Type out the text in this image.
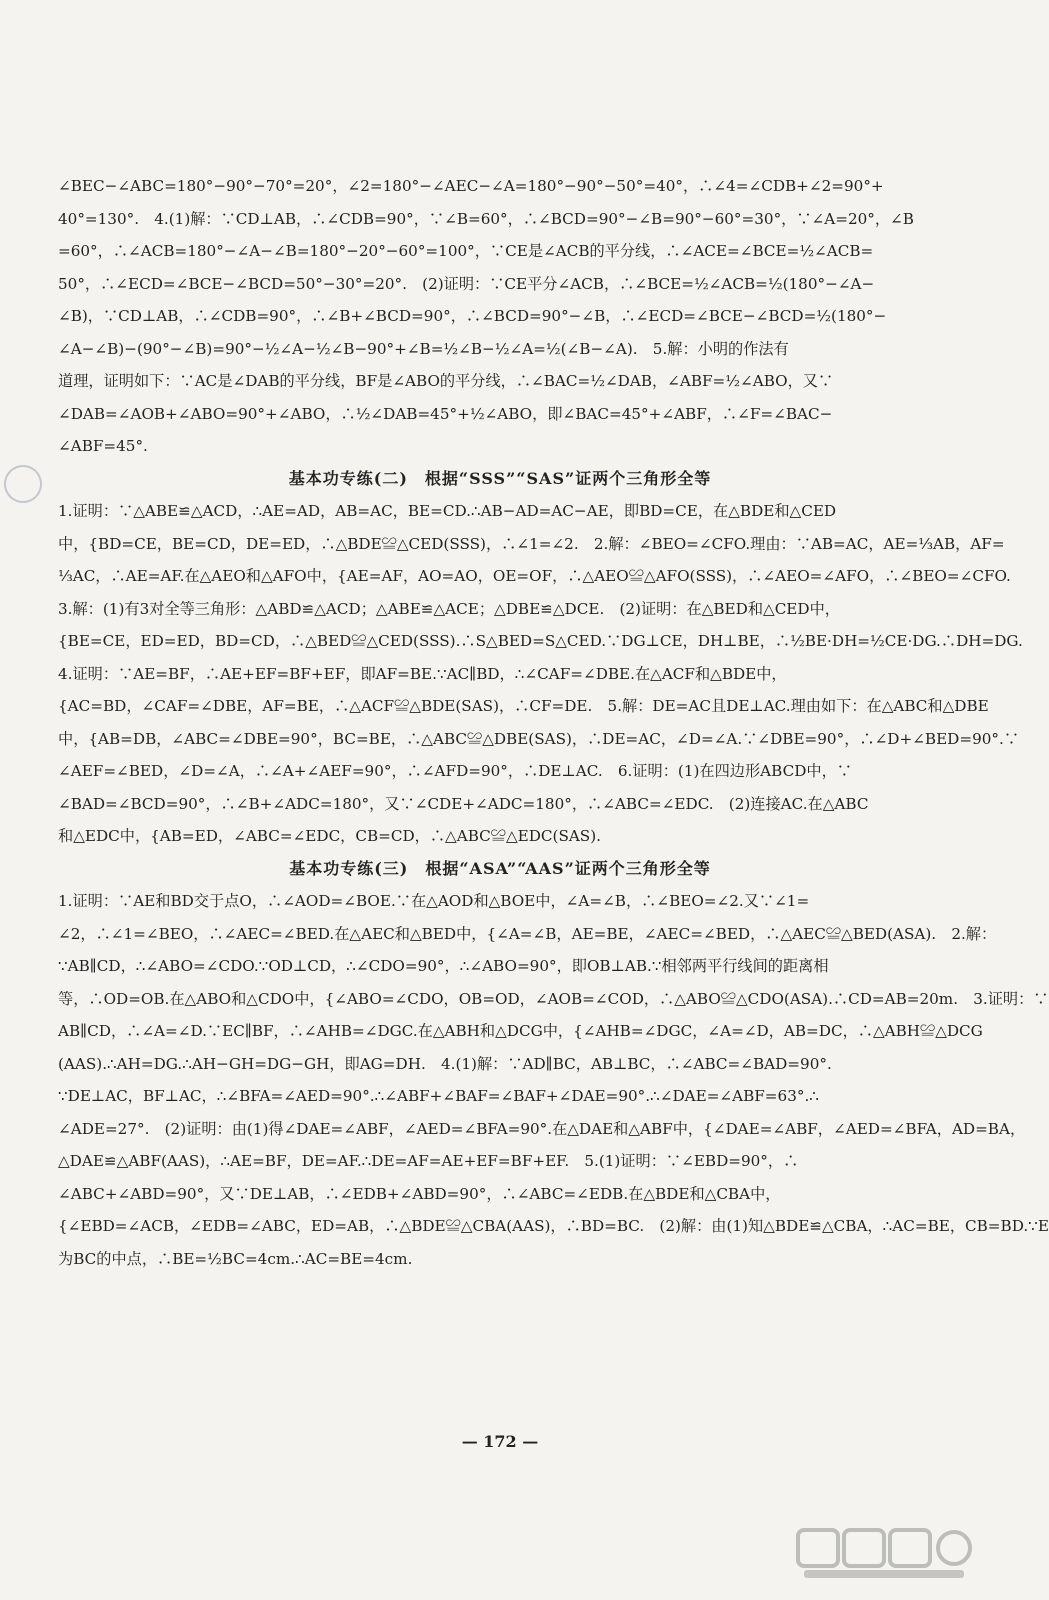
∠BEC−∠ABC=180°−90°−70°=20°，∠2=180°−∠AEC−∠A=180°−90°−50°=40°，∴∠4=∠CDB+∠2=90°+
40°=130°.　4.(1)解：∵CD⊥AB，∴∠CDB=90°，∵∠B=60°，∴∠BCD=90°−∠B=90°−60°=30°，∵∠A=20°，∠B
=60°，∴∠ACB=180°−∠A−∠B=180°−20°−60°=100°，∵CE是∠ACB的平分线，∴∠ACE=∠BCE=½∠ACB=
50°，∴∠ECD=∠BCE−∠BCD=50°−30°=20°.　(2)证明：∵CE平分∠ACB，∴∠BCE=½∠ACB=½(180°−∠A−
∠B)，∵CD⊥AB，∴∠CDB=90°，∴∠B+∠BCD=90°，∴∠BCD=90°−∠B，∴∠ECD=∠BCE−∠BCD=½(180°−
∠A−∠B)−(90°−∠B)=90°−½∠A−½∠B−90°+∠B=½∠B−½∠A=½(∠B−∠A).　5.解：小明的作法有
道理，证明如下：∵AC是∠DAB的平分线，BF是∠ABO的平分线，∴∠BAC=½∠DAB，∠ABF=½∠ABO，又∵
∠DAB=∠AOB+∠ABO=90°+∠ABO，∴½∠DAB=45°+½∠ABO，即∠BAC=45°+∠ABF，∴∠F=∠BAC−
∠ABF=45°.
基本功专练(二)　根据“SSS”“SAS”证两个三角形全等
1.证明：∵△ABE≌△ACD，∴AE=AD，AB=AC，BE=CD.∴AB−AD=AC−AE，即BD=CE，在△BDE和△CED
中，{BD=CE，BE=CD，DE=ED，∴△BDE≌△CED(SSS)，∴∠1=∠2.　2.解：∠BEO=∠CFO.理由：∵AB=AC，AE=⅓AB，AF=
⅓AC，∴AE=AF.在△AEO和△AFO中，{AE=AF，AO=AO，OE=OF，∴△AEO≌△AFO(SSS)，∴∠AEO=∠AFO，∴∠BEO=∠CFO.
3.解：(1)有3对全等三角形：△ABD≌△ACD；△ABE≌△ACE；△DBE≌△DCE.　(2)证明：在△BED和△CED中，
{BE=CE，ED=ED，BD=CD，∴△BED≌△CED(SSS).∴S△BED=S△CED.∵DG⊥CE，DH⊥BE，∴½BE·DH=½CE·DG.∴DH=DG.
4.证明：∵AE=BF，∴AE+EF=BF+EF，即AF=BE.∵AC∥BD，∴∠CAF=∠DBE.在△ACF和△BDE中，
{AC=BD，∠CAF=∠DBE，AF=BE，∴△ACF≌△BDE(SAS)，∴CF=DE.　5.解：DE=AC且DE⊥AC.理由如下：在△ABC和△DBE
中，{AB=DB，∠ABC=∠DBE=90°，BC=BE，∴△ABC≌△DBE(SAS)，∴DE=AC，∠D=∠A.∵∠DBE=90°，∴∠D+∠BED=90°.∵
∠AEF=∠BED，∠D=∠A，∴∠A+∠AEF=90°，∴∠AFD=90°，∴DE⊥AC.　6.证明：(1)在四边形ABCD中，∵
∠BAD=∠BCD=90°，∴∠B+∠ADC=180°，又∵∠CDE+∠ADC=180°，∴∠ABC=∠EDC.　(2)连接AC.在△ABC
和△EDC中，{AB=ED，∠ABC=∠EDC，CB=CD，∴△ABC≌△EDC(SAS).
基本功专练(三)　根据“ASA”“AAS”证两个三角形全等
1.证明：∵AE和BD交于点O，∴∠AOD=∠BOE.∵在△AOD和△BOE中，∠A=∠B，∴∠BEO=∠2.又∵∠1=
∠2，∴∠1=∠BEO，∴∠AEC=∠BED.在△AEC和△BED中，{∠A=∠B，AE=BE，∠AEC=∠BED，∴△AEC≌△BED(ASA).　2.解：
∵AB∥CD，∴∠ABO=∠CDO.∵OD⊥CD，∴∠CDO=90°，∴∠ABO=90°，即OB⊥AB.∵相邻两平行线间的距离相
等，∴OD=OB.在△ABO和△CDO中，{∠ABO=∠CDO，OB=OD，∠AOB=∠COD，∴△ABO≌△CDO(ASA).∴CD=AB=20m.　3.证明：∵
AB∥CD，∴∠A=∠D.∵EC∥BF，∴∠AHB=∠DGC.在△ABH和△DCG中，{∠AHB=∠DGC，∠A=∠D，AB=DC，∴△ABH≌△DCG
(AAS).∴AH=DG.∴AH−GH=DG−GH，即AG=DH.　4.(1)解：∵AD∥BC，AB⊥BC，∴∠ABC=∠BAD=90°.
∵DE⊥AC，BF⊥AC，∴∠BFA=∠AED=90°.∴∠ABF+∠BAF=∠BAF+∠DAE=90°.∴∠DAE=∠ABF=63°.∴
∠ADE=27°.　(2)证明：由(1)得∠DAE=∠ABF，∠AED=∠BFA=90°.在△DAE和△ABF中，{∠DAE=∠ABF，∠AED=∠BFA，AD=BA，
△DAE≌△ABF(AAS)，∴AE=BF，DE=AF.∴DE=AF=AE+EF=BF+EF.　5.(1)证明：∵∠EBD=90°，∴
∠ABC+∠ABD=90°，又∵DE⊥AB，∴∠EDB+∠ABD=90°，∴∠ABC=∠EDB.在△BDE和△CBA中，
{∠EBD=∠ACB，∠EDB=∠ABC，ED=AB，∴△BDE≌△CBA(AAS)，∴BD=BC.　(2)解：由(1)知△BDE≌△CBA，∴AC=BE，CB=BD.∵E
为BC的中点，∴BE=½BC=4cm.∴AC=BE=4cm.
— 172 —
